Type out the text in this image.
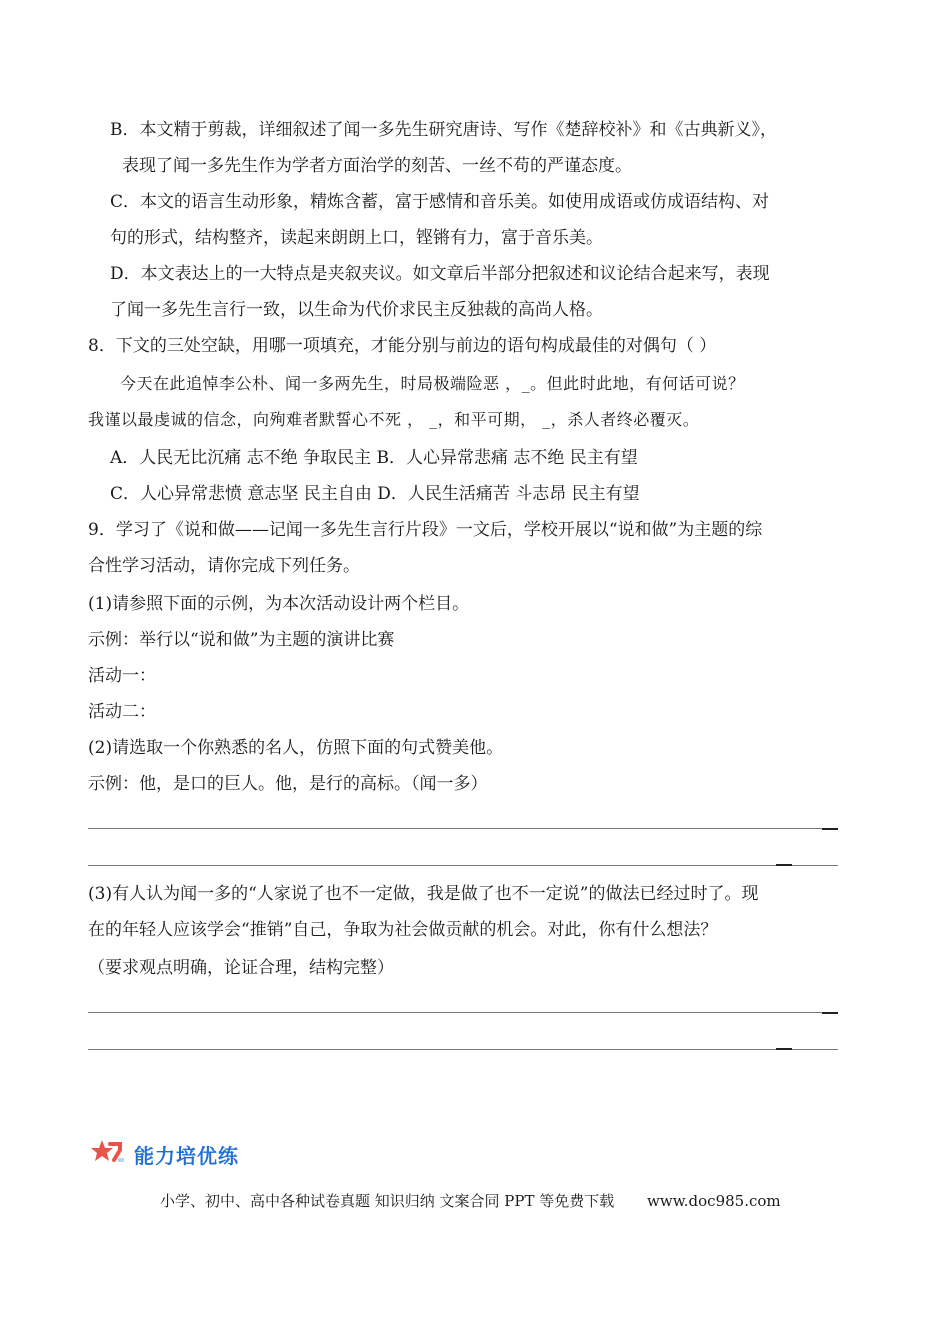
B．本文精于剪裁，详细叙述了闻一多先生研究唐诗、写作《楚辞校补》和《古典新义》，
表现了闻一多先生作为学者方面治学的刻苦、一丝不苟的严谨态度。
C．本文的语言生动形象，精炼含蓄，富于感情和音乐美。如使用成语或仿成语结构、对
句的形式，结构整齐，读起来朗朗上口，铿锵有力，富于音乐美。
D．本文表达上的一大特点是夹叙夹议。如文章后半部分把叙述和议论结合起来写，表现
了闻一多先生言行一致，以生命为代价求民主反独裁的高尚人格。
8．下文的三处空缺，用哪一项填充，才能分别与前边的语句构成最佳的对偶句（ ）
今天在此追悼李公朴、闻一多两先生，时局极端险恶 ，_。但此时此地，有何话可说？
我谨以最虔诚的信念，向殉难者默誓心不死 ， _，和平可期， _，杀人者终必覆灭。
A．人民无比沉痛 志不绝 争取民主 B．人心异常悲痛 志不绝 民主有望
C．人心异常悲愤 意志坚 民主自由 D．人民生活痛苦 斗志昂 民主有望
9．学习了《说和做——记闻一多先生言行片段》一文后，学校开展以“说和做”为主题的综
合性学习活动，请你完成下列任务。
(1)请参照下面的示例，为本次活动设计两个栏目。
示例：举行以“说和做”为主题的演讲比赛
活动一：
活动二：
(2)请选取一个你熟悉的名人，仿照下面的句式赞美他。
示例：他，是口的巨人。他，是行的高标。（闻一多）
(3)有人认为闻一多的“人家说了也不一定做，我是做了也不一定说”的做法已经过时了。现
在的年轻人应该学会“推销”自己，争取为社会做贡献的机会。对此，你有什么想法？
（要求观点明确，论证合理，结构完整）
能力培优练
小学、初中、高中各种试卷真题 知识归纳 文案合同 PPT 等免费下载 www.doc985.com
